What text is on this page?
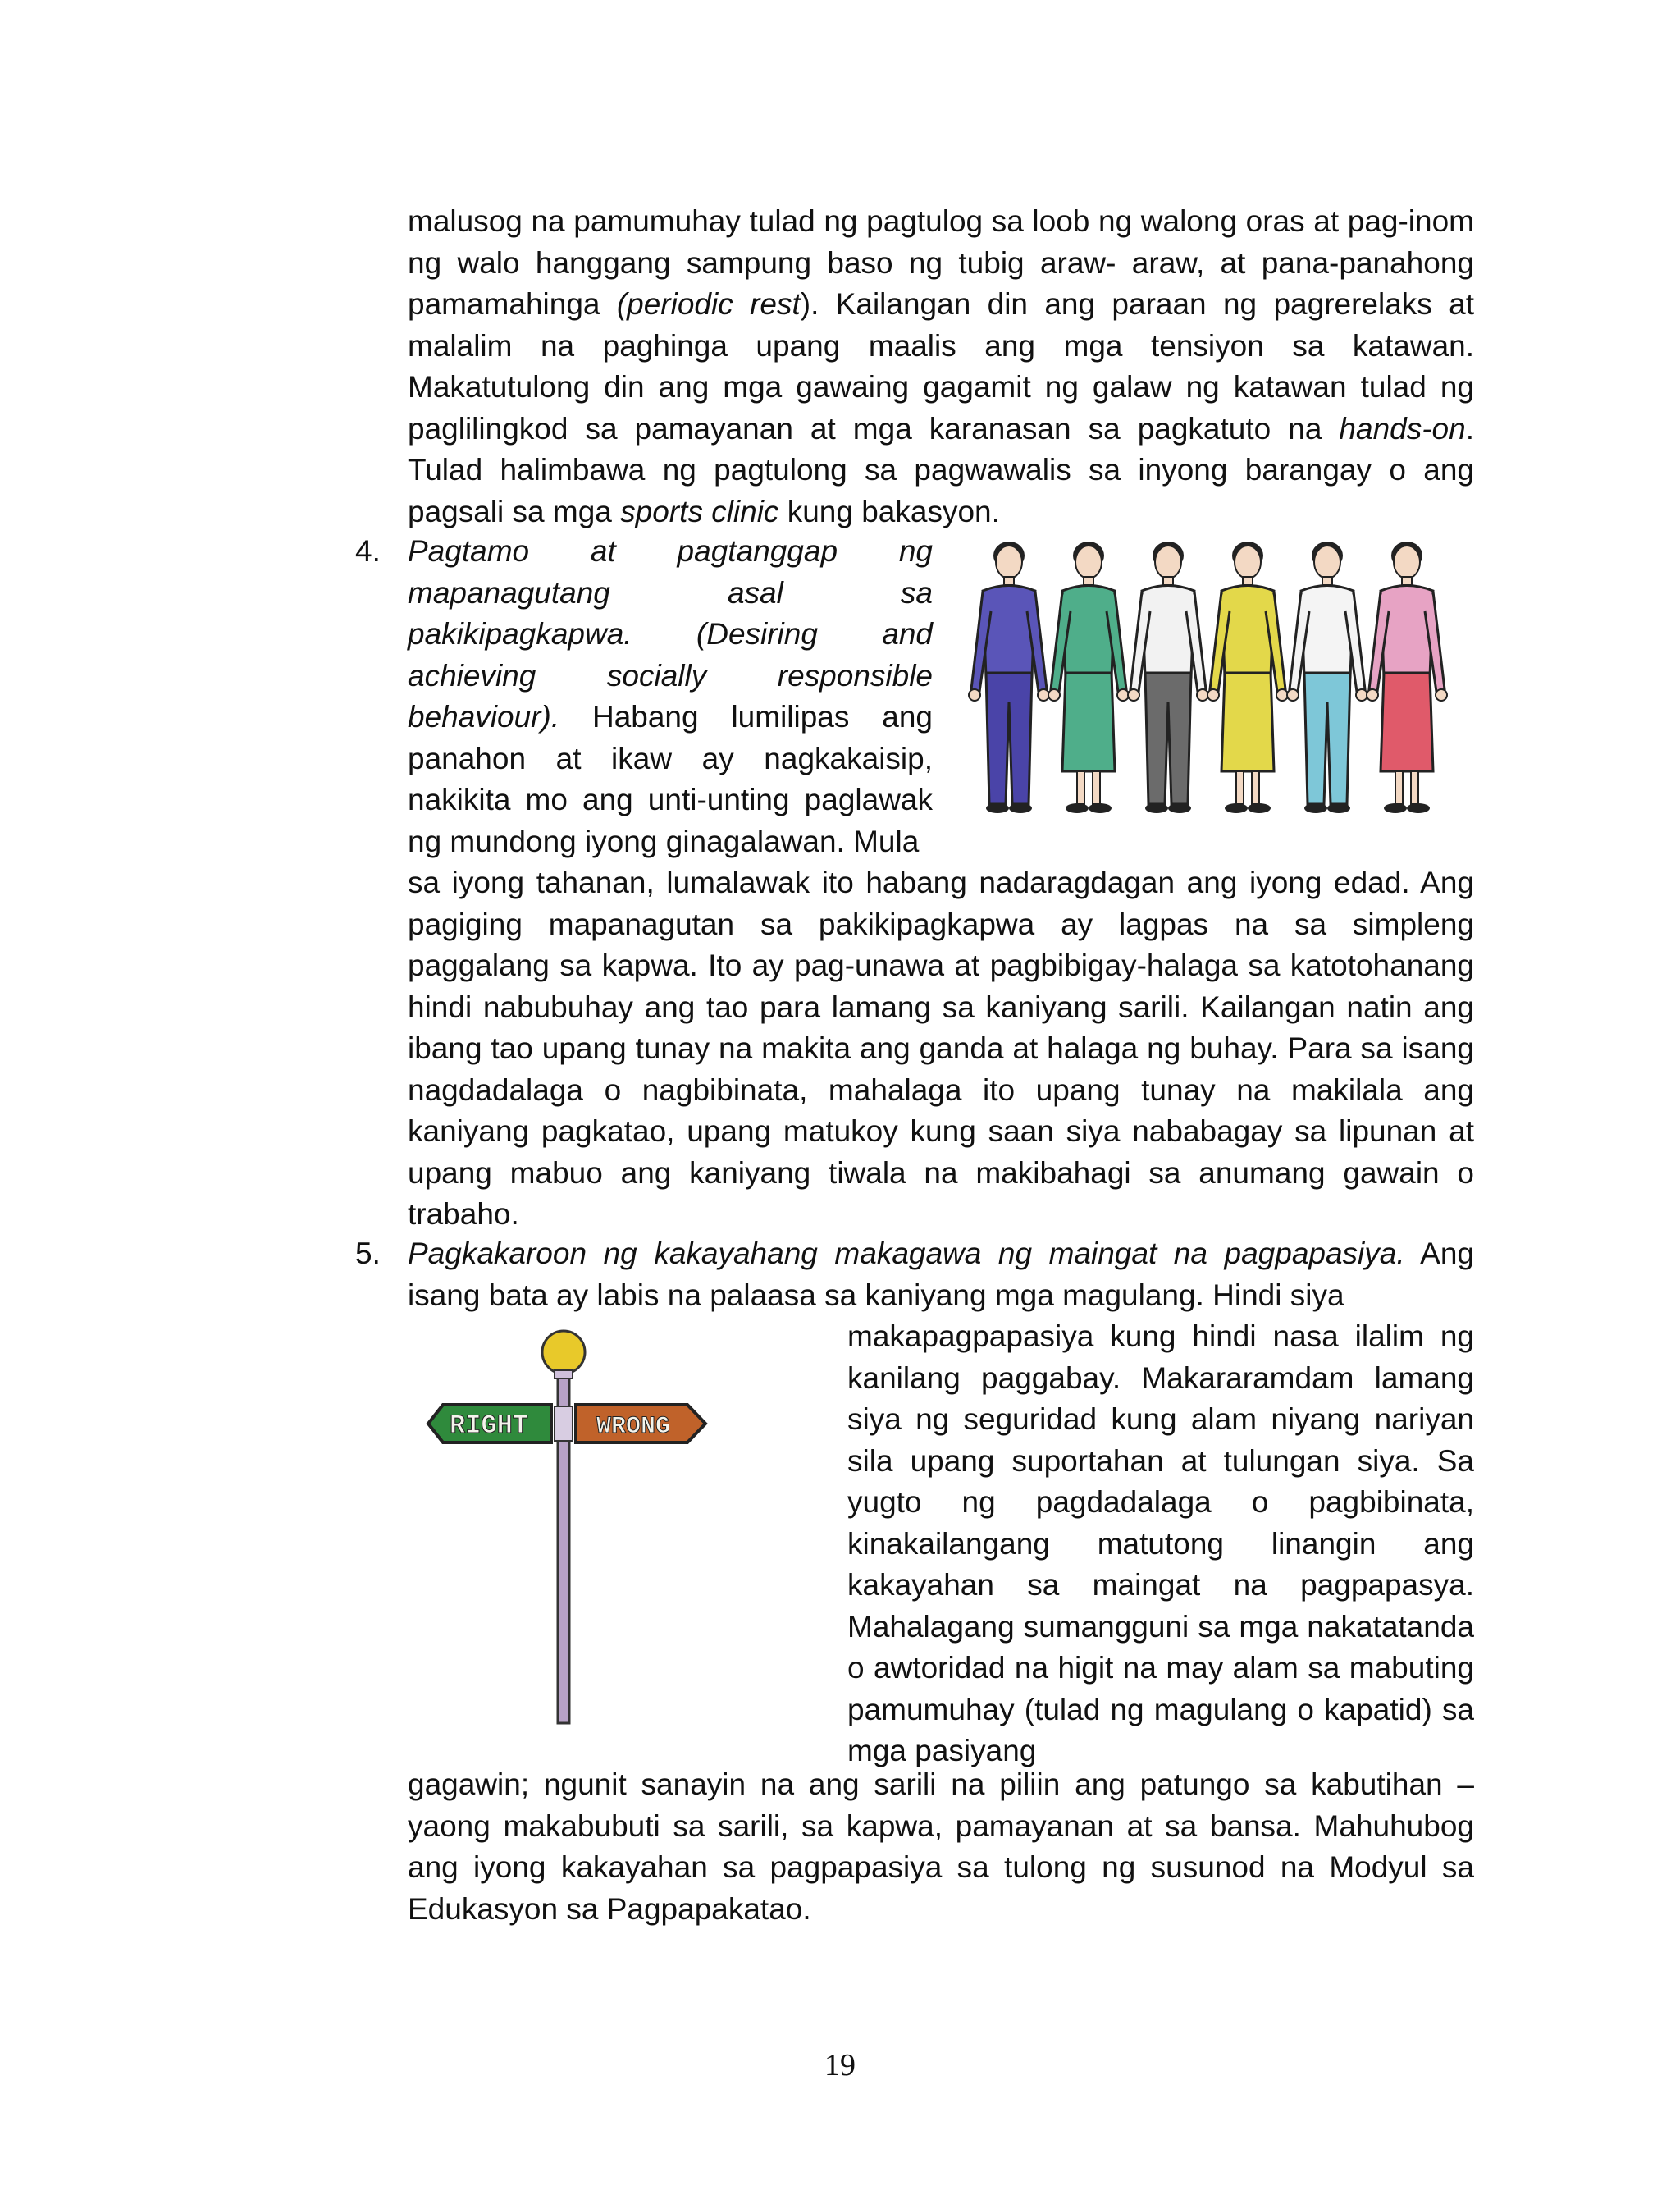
malusog na pamumuhay tulad ng pagtulog sa loob ng walong oras at pag-inom ng walo hanggang sampung baso ng tubig araw- araw, at pana-panahong pamamahinga (periodic rest). Kailangan din ang paraan ng pagrerelaks at malalim na paghinga upang maalis ang mga tensiyon sa katawan. Makatutulong din ang mga gawaing gagamit ng galaw ng katawan tulad ng paglilingkod sa pamayanan at mga karanasan sa pagkatuto na hands-on. Tulad halimbawa ng pagtulong sa pagwawalis sa inyong barangay o ang pagsali sa mga sports clinic kung bakasyon.

4. Pagtamo at pagtanggap ng mapanagutang asal sa pakikipagkapwa. (Desiring and achieving socially responsible behaviour). Habang lumilipas ang panahon at ikaw ay nagkakaisip, nakikita mo ang unti-unting paglawak ng mundong iyong ginagalawan. Mula

sa iyong tahanan, lumalawak ito habang nadaragdagan ang iyong edad. Ang pagiging mapanagutan sa pakikipagkapwa ay lagpas na sa simpleng paggalang sa kapwa. Ito ay pag-unawa at pagbibigay-halaga sa katotohanang hindi nabubuhay ang tao para lamang sa kaniyang sarili. Kailangan natin ang ibang tao upang tunay na makita ang ganda at halaga ng buhay. Para sa isang nagdadalaga o nagbibinata, mahalaga ito upang tunay na makilala ang kaniyang pagkatao, upang matukoy kung saan siya nababagay sa lipunan at upang mabuo ang kaniyang tiwala na makibahagi sa anumang gawain o trabaho.

5. Pagkakaroon ng kakayahang makagawa ng maingat na pagpapasiya. Ang isang bata ay labis na palaasa sa kaniyang mga magulang. Hindi siya

RIGHT	WRONG

makapagpapasiya kung hindi nasa ilalim ng kanilang paggabay. Makararamdam lamang siya ng seguridad kung alam niyang nariyan sila upang suportahan at tulungan siya. Sa yugto ng pagdadalaga o pagbibinata, kinakailangang matutong linangin ang kakayahan sa maingat na pagpapasya. Mahalagang sumangguni sa mga nakatatanda o awtoridad na higit na may alam sa mabuting pamumuhay (tulad ng magulang o kapatid) sa mga pasiyang

gagawin; ngunit sanayin na ang sarili na piliin ang patungo sa kabutihan – yaong makabubuti sa sarili, sa kapwa, pamayanan at sa bansa. Mahuhubog ang iyong kakayahan sa pagpapasiya sa tulong ng susunod na Modyul sa Edukasyon sa Pagpapakatao.

19
